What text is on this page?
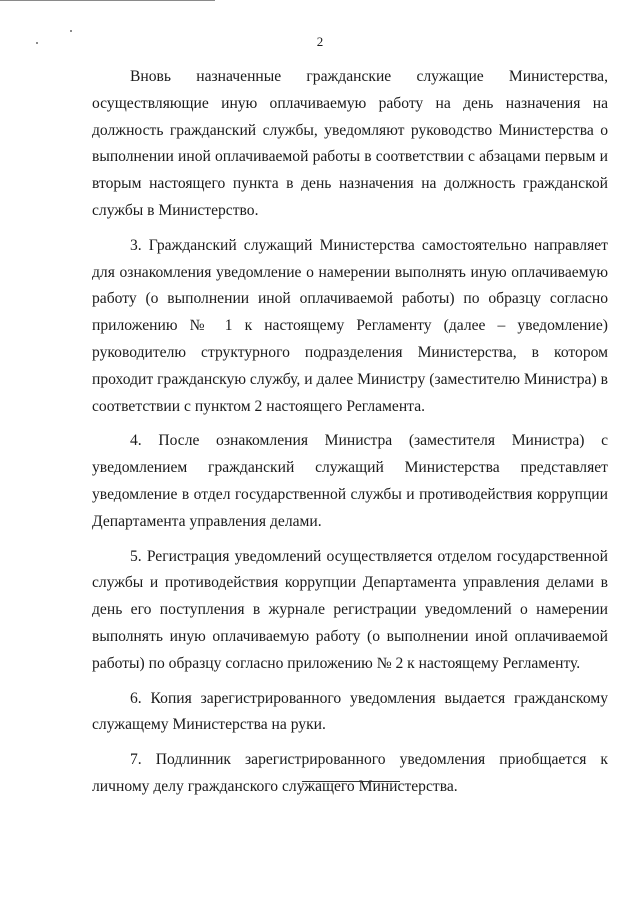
2

Вновь назначенные гражданские служащие Министерства, осуществляющие иную оплачиваемую работу на день назначения на должность гражданский службы, уведомляют руководство Министерства о выполнении иной оплачиваемой работы в соответствии с абзацами первым и вторым настоящего пункта в день назначения на должность гражданской службы в Министерство.

3. Гражданский служащий Министерства самостоятельно направляет для ознакомления уведомление о намерении выполнять иную оплачиваемую работу (о выполнении иной оплачиваемой работы) по образцу согласно приложению № 1 к настоящему Регламенту (далее – уведомление) руководителю структурного подразделения Министерства, в котором проходит гражданскую службу, и далее Министру (заместителю Министра) в соответствии с пунктом 2 настоящего Регламента.

4. После ознакомления Министра (заместителя Министра) с уведомлением гражданский служащий Министерства представляет уведомление в отдел государственной службы и противодействия коррупции Департамента управления делами.

5. Регистрация уведомлений осуществляется отделом государственной службы и противодействия коррупции Департамента управления делами в день его поступления в журнале регистрации уведомлений о намерении выполнять иную оплачиваемую работу (о выполнении иной оплачиваемой работы) по образцу согласно приложению № 2 к настоящему Регламенту.

6. Копия зарегистрированного уведомления выдается гражданскому служащему Министерства на руки.

7. Подлинник зарегистрированного уведомления приобщается к личному делу гражданского служащего Министерства.
